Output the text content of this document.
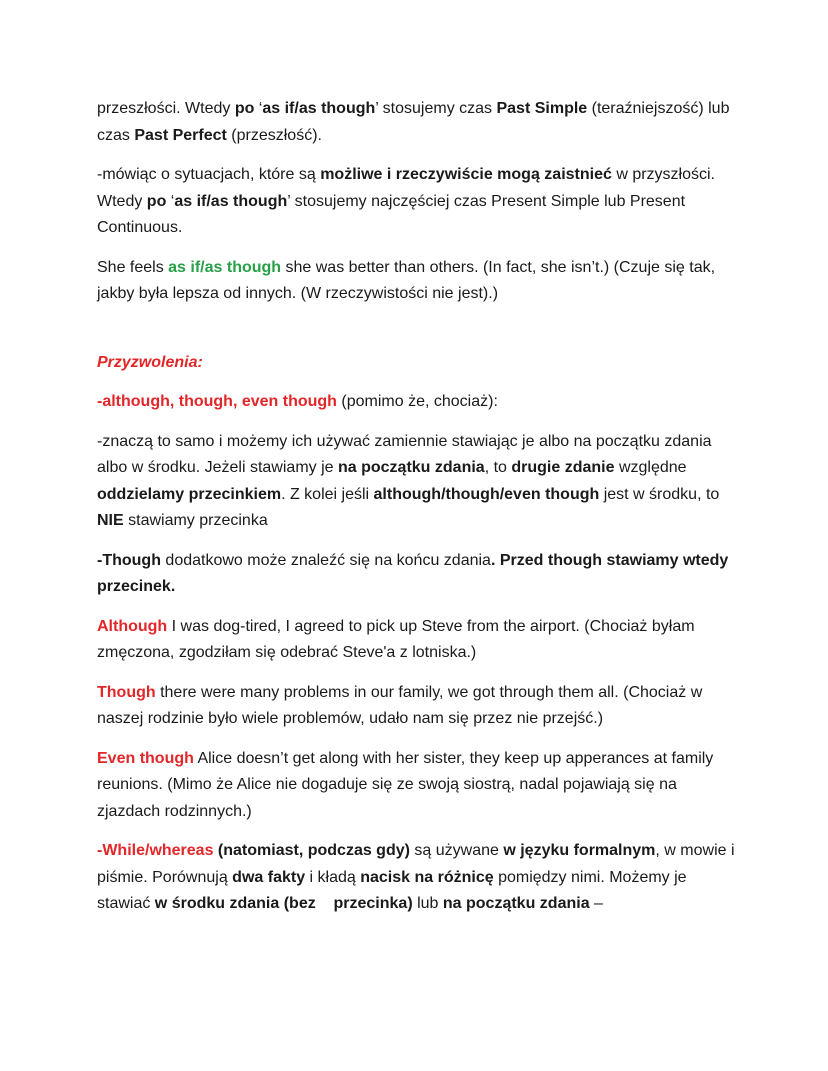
przeszłości. Wtedy po ‘as if/as though’ stosujemy czas Past Simple (teraźniejszość) lub czas Past Perfect (przeszłość).

-mówiąc o sytuacjach, które są możliwe i rzeczywiście mogą zaistnieć w przyszłości. Wtedy po ‘as if/as though’ stosujemy najczęściej czas Present Simple lub Present Continuous.

She feels as if/as though she was better than others. (In fact, she isn’t.) (Czuje się tak, jakby była lepsza od innych. (W rzeczywistości nie jest).)

Przyzwolenia:

-although, though, even though (pomimo że, chociaż):

-znaczą to samo i możemy ich używać zamiennie stawiając je albo na początku zdania albo w środku. Jeżeli stawiamy je na początku zdania, to drugie zdanie względne oddzielamy przecinkiem. Z kolei jeśli although/though/even though jest w środku, to NIE stawiamy przecinka

-Though dodatkowo może znaleźć się na końcu zdania. Przed though stawiamy wtedy przecinek.

Although I was dog-tired, I agreed to pick up Steve from the airport. (Chociaż byłam zmęczona, zgodziłam się odebrać Steve'a z lotniska.)

Though there were many problems in our family, we got through them all. (Chociaż w naszej rodzinie było wiele problemów, udało nam się przez nie przejść.)

Even though Alice doesn’t get along with her sister, they keep up apperances at family reunions. (Mimo że Alice nie dogaduje się ze swoją siostrą, nadal pojawiają się na zjazdach rodzinnych.)

-While/whereas (natomiast, podczas gdy) są używane w języku formalnym, w mowie i piśmie. Porównują dwa fakty i kładą nacisk na różnicę pomiędzy nimi. Możemy je stawiać w środku zdania (bez przecinka) lub na początku zdania –
